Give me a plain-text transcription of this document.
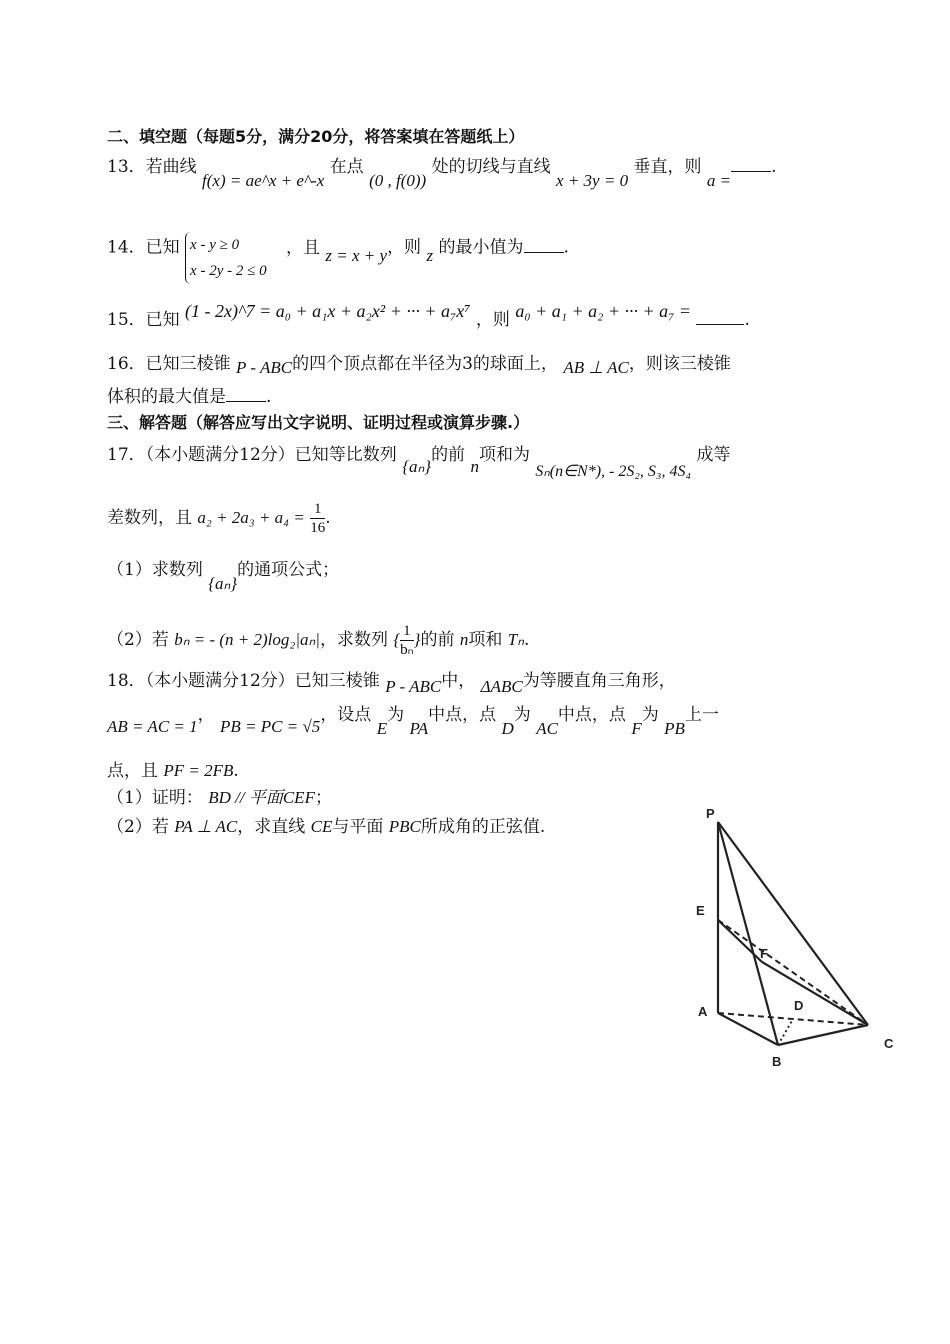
二、填空题（每题5分，满分20分，将答案填在答题纸上）
13．若曲线 f(x) = ae^x + e^-x 在点 (0 , f(0)) 处的切线与直线 x + 3y = 0 垂直，则 a =.
14．已知 x - y ≥ 0
x - 2y - 2 ≤ 0
，且 z = x + y，则 z 的最小值为 .
15．已知 (1 - 2x)^7 = a₀ + a₁x + a₂x² + ··· + a₇x⁷ ，则 a₀ + a₁ + a₂ + ··· + a₇ =	.
16．已知三棱锥 P - ABC的四个顶点都在半径为3的球面上， AB ⊥ AC，则该三棱锥
体积的最大值是 .
三、解答题（解答应写出文字说明、证明过程或演算步骤.）
17．（本小题满分12分）已知等比数列 {aₙ}的前 n项和为 Sₙ(n∈N*), - 2S₂, S₃, 4S₄ 成等
差数列，且 $a_2 + 2a_3 + a_4 = \frac{1}{16}$ .
（1）求数列 {aₙ}的通项公式；
（2）若 bₙ = - (n + 2)log₂|aₙ|，求数列 { $\frac{1}{\text{bₙ}}$ }的前 n项和 Tₙ.
18．（本小题满分12分）已知三棱锥 P - ABC中， ΔABC为等腰直角三角形，
AB = AC = 1， PB = PC = √5，设点 E为 PA中点，点 D为 AC中点，点 F为 PB上一
点，且 PF = 2FB.
（1）证明： BD // 平面CEF；
（2）若 PA ⊥ AC，求直线 CE与平面 PBC所成角的正弦值.
P
E
F
A	D
B
C
